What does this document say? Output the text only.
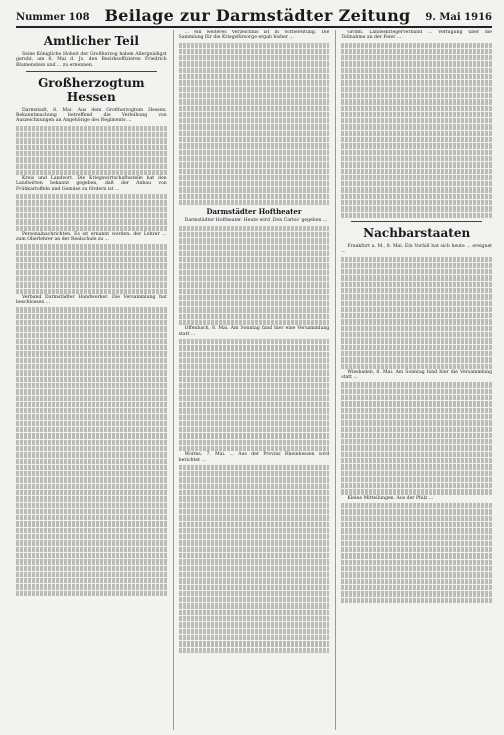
Nummer 108 Beilage zur Darmstädter Zeitung 9. Mai 1916
Amtlicher Teil

Seine Königliche Hoheit der Großherzog haben Allergnädigst geruht, am 6. Mai d. Js. den Bezirksoffizieren Friedrich Blumenstein und ... zu ernennen.

Großherzogtum Hessen

Darmstadt, 8. Mai. Aus dem Großherzogtum Hessen. Bekanntmachung betreffend die Verleihung von Auszeichnungen an Angehörige des Regiments ...

Kreis und Landwirt. Die Kriegswirtschaftsstelle hat den Landwirten bekannt gegeben, daß der Anbau von Frühkartoffeln und Gemüse zu fördern ist ...

Personalnachrichten. Es ist ernannt worden: der Lehrer ... zum Oberlehrer an der Realschule zu ...

Verband Darmstädter Handwerker. Die Versammlung hat beschlossen ...

... ein weiteres Verzeichnis ist in Vorbereitung. Die Sammlung für die Kriegsfürsorge ergab bisher ...

Darmstädter Hoftheater

Darmstädter Hoftheater. Heute wird ,Don Carlos' gegeben ...

Offenbach, 8. Mai. Am Sonntag fand hier eine Versammlung statt ...

Worms, 7. Mai. ... Aus der Provinz Rheinhessen wird berichtet ...

Großh. Landeskriegerverband ... Verfügung über die Teilnahme an der Feier ...

Nachbarstaaten

Frankfurt a. M., 8. Mai. Ein Vorfall hat sich heute ... ereignet ...

Wiesbaden, 8. Mai. Am Sonntag fand hier die Versammlung statt ...

Kleine Mitteilungen. Aus der Pfalz ...
